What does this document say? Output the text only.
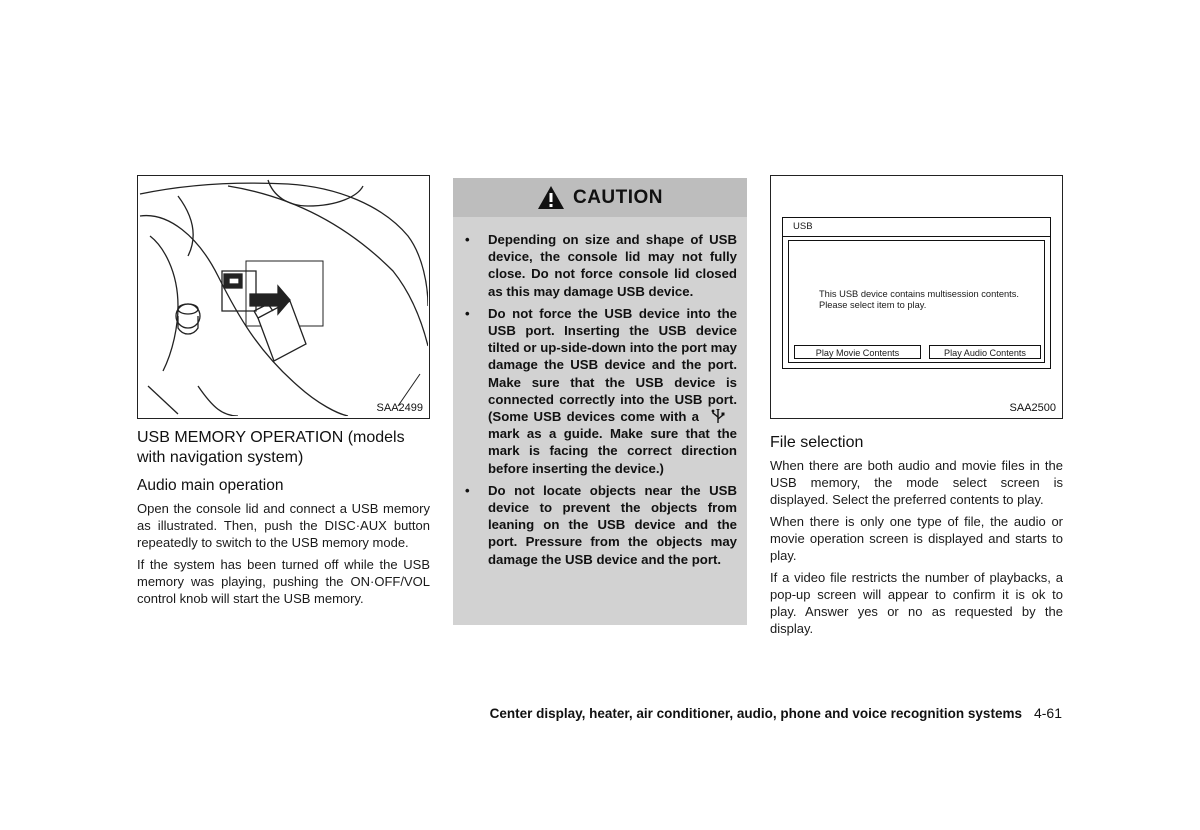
SAA2499
USB MEMORY OPERATION (models with navigation system)
Audio main operation

Open the console lid and connect a USB memory as illustrated. Then, push the DISC·AUX button repeatedly to switch to the USB memory mode.

If the system has been turned off while the USB memory was playing, pushing the ON·OFF/VOL control knob will start the USB memory.

CAUTION
• Depending on size and shape of USB device, the console lid may not fully close. Do not force console lid closed as this may damage USB device.
• Do not force the USB device into the USB port. Inserting the USB device tilted or up-side-down into the port may damage the USB device and the port. Make sure that the USB device is connected correctly into the USB port. (Some USB devices come with amark as a guide. Make sure that the mark is facing the correct direction before inserting the device.)
• Do not locate objects near the USB device to prevent the objects from leaning on the USB device and the port. Pressure from the objects may damage the USB device and the port.
SAA2500
USB
This USB device contains multisession contents.
Please select item to play.
Play Movie Contents	Play Audio Contents
File selection

When there are both audio and movie files in the USB memory, the mode select screen is displayed. Select the preferred contents to play.

When there is only one type of file, the audio or movie operation screen is displayed and starts to play.

If a video file restricts the number of playbacks, a pop-up screen will appear to confirm it is ok to play. Answer yes or no as requested by the display.

Center display, heater, air conditioner, audio, phone and voice recognition systems 4-61
